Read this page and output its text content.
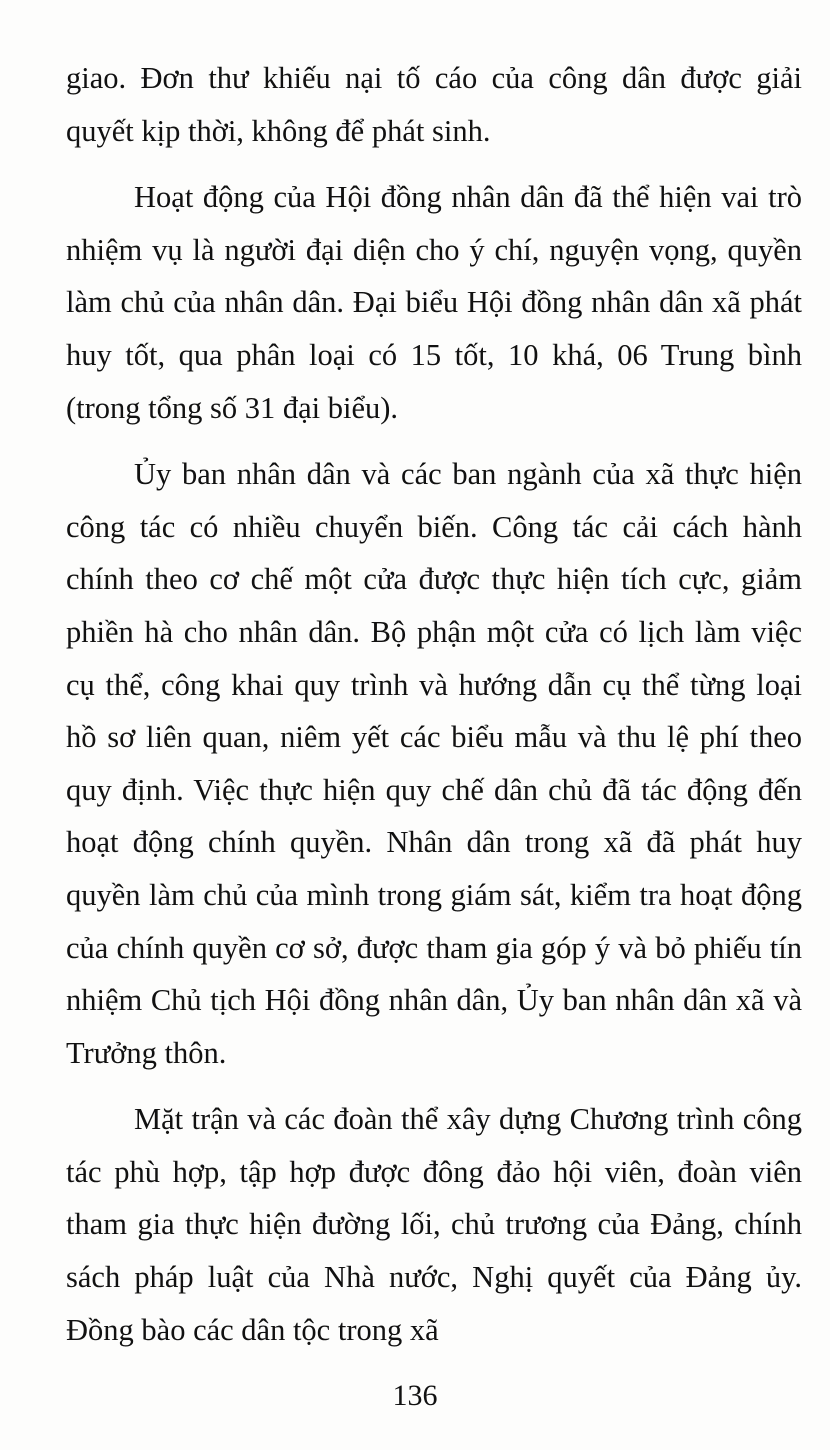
giao. Đơn thư khiếu nại tố cáo của công dân được giải quyết kịp thời, không để phát sinh.

Hoạt động của Hội đồng nhân dân đã thể hiện vai trò nhiệm vụ là người đại diện cho ý chí, nguyện vọng, quyền làm chủ của nhân dân. Đại biểu Hội đồng nhân dân xã phát huy tốt, qua phân loại có 15 tốt, 10 khá, 06 Trung bình (trong tổng số 31 đại biểu).

Ủy ban nhân dân và các ban ngành của xã thực hiện công tác có nhiều chuyển biến. Công tác cải cách hành chính theo cơ chế một cửa được thực hiện tích cực, giảm phiền hà cho nhân dân. Bộ phận một cửa có lịch làm việc cụ thể, công khai quy trình và hướng dẫn cụ thể từng loại hồ sơ liên quan, niêm yết các biểu mẫu và thu lệ phí theo quy định. Việc thực hiện quy chế dân chủ đã tác động đến hoạt động chính quyền. Nhân dân trong xã đã phát huy quyền làm chủ của mình trong giám sát, kiểm tra hoạt động của chính quyền cơ sở, được tham gia góp ý và bỏ phiếu tín nhiệm Chủ tịch Hội đồng nhân dân, Ủy ban nhân dân xã và Trưởng thôn.

Mặt trận và các đoàn thể xây dựng Chương trình công tác phù hợp, tập hợp được đông đảo hội viên, đoàn viên tham gia thực hiện đường lối, chủ trương của Đảng, chính sách pháp luật của Nhà nước, Nghị quyết của Đảng ủy. Đồng bào các dân tộc trong xã

136
